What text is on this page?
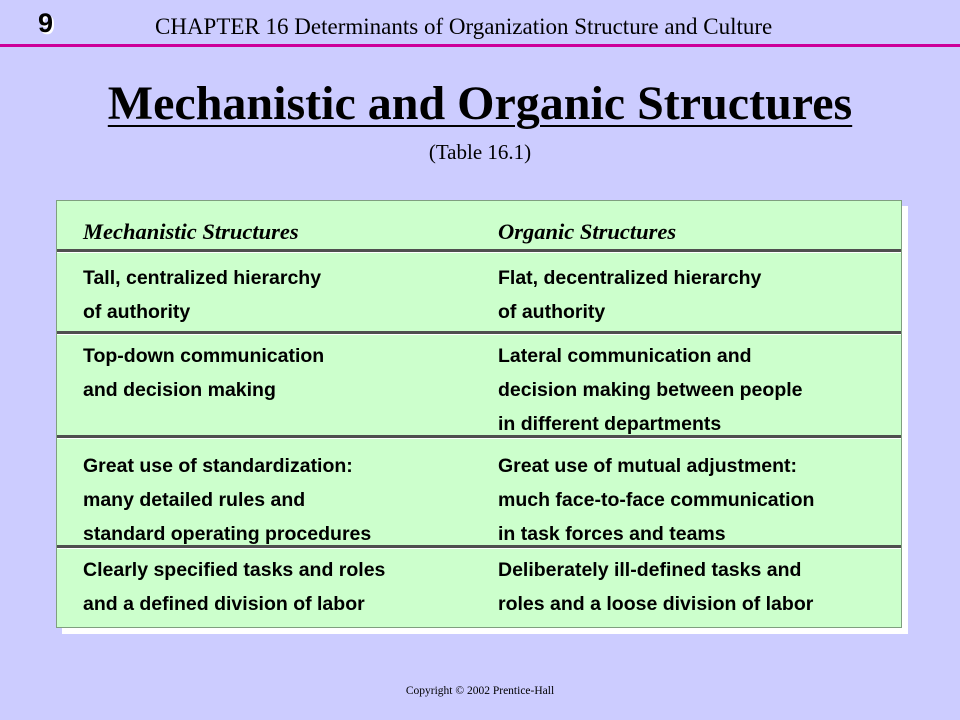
9	CHAPTER 16 Determinants of Organization Structure and Culture
Mechanistic and Organic Structures
(Table 16.1)
Mechanistic Structures	Organic Structures
Tall, centralized hierarchy
of authority
Flat, decentralized hierarchy
of authority
Top-down communication
and decision making
Lateral communication and
decision making between people
in different departments
Great use of standardization:
many detailed rules and
standard operating procedures
Great use of mutual adjustment:
much face-to-face communication
in task forces and teams
Clearly specified tasks and roles
and a defined division of labor
Deliberately ill-defined tasks and
roles and a loose division of labor
Copyright © 2002 Prentice-Hall
